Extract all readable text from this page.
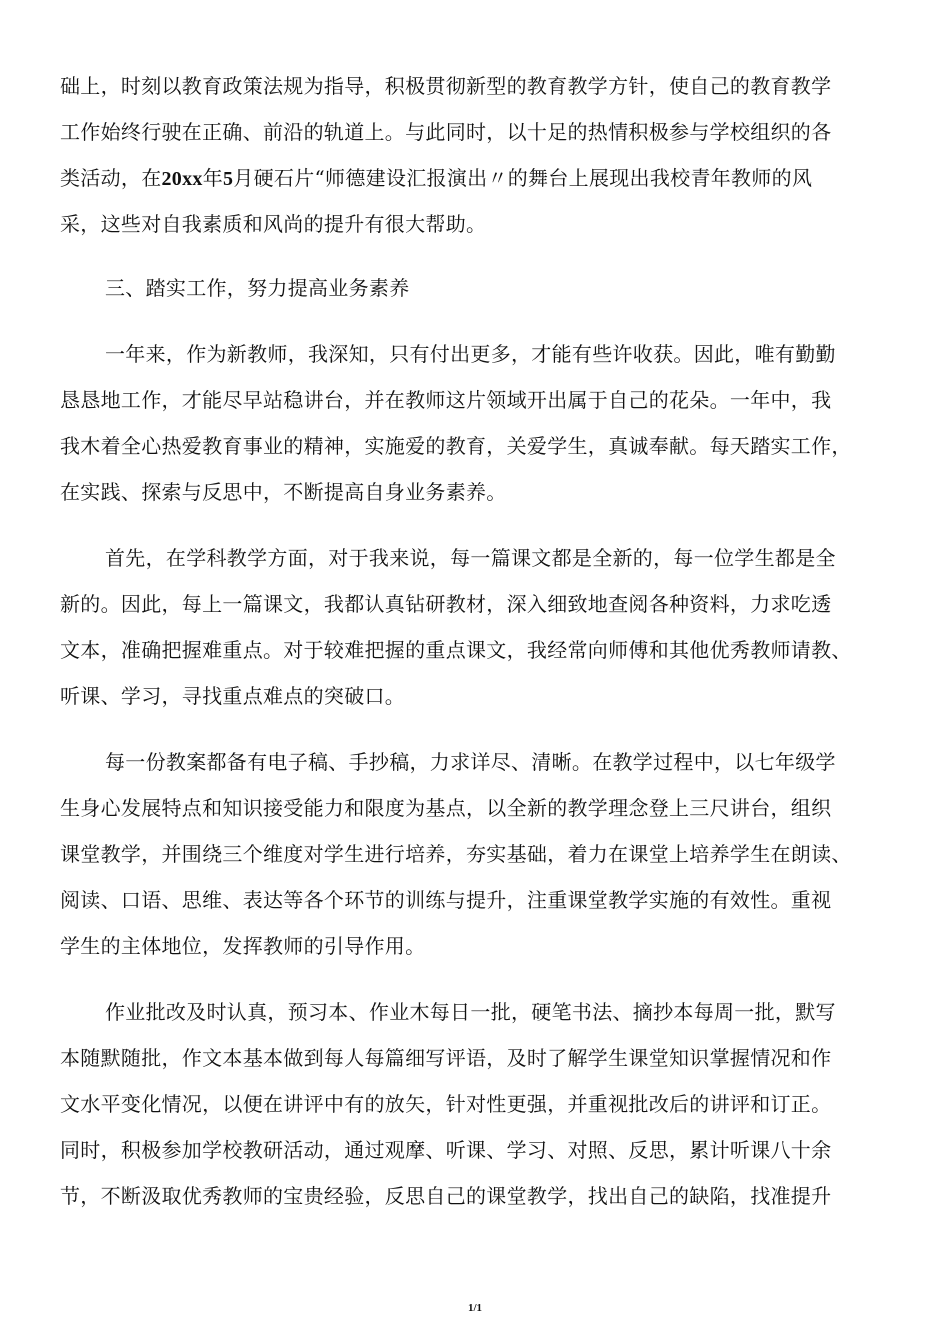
础上，时刻以教育政策法规为指导，积极贯彻新型的教育教学方针，使自己的教育教学
工作始终行驶在正确、前沿的轨道上。与此同时，以十足的热情积极参与学校组织的各
类活动，在20xx年5月硬石片“师德建设汇报演出〃的舞台上展现出我校青年教师的风
采，这些对自我素质和风尚的提升有很大帮助。
三、踏实工作，努力提高业务素养
一年来，作为新教师，我深知，只有付出更多，才能有些许收获。因此，唯有勤勤
恳恳地工作，才能尽早站稳讲台，并在教师这片领域开出属于自己的花朵。一年中，我
我木着全心热爱教育事业的精神，实施爱的教育，关爱学生，真诚奉献。每天踏实工作，
在实践、探索与反思中，不断提高自身业务素养。
首先，在学科教学方面，对于我来说，每一篇课文都是全新的，每一位学生都是全
新的。因此，每上一篇课文，我都认真钻研教材，深入细致地查阅各种资料，力求吃透
文本，准确把握难重点。对于较难把握的重点课文，我经常向师傅和其他优秀教师请教、
听课、学习，寻找重点难点的突破口。
每一份教案都备有电子稿、手抄稿，力求详尽、清晰。在教学过程中，以七年级学
生身心发展特点和知识接受能力和限度为基点，以全新的教学理念登上三尺讲台，组织
课堂教学，并围绕三个维度对学生进行培养，夯实基础，着力在课堂上培养学生在朗读、
阅读、口语、思维、表达等各个环节的训练与提升，注重课堂教学实施的有效性。重视
学生的主体地位，发挥教师的引导作用。
作业批改及时认真，预习本、作业木每日一批，硬笔书法、摘抄本每周一批，默写
本随默随批，作文本基本做到每人每篇细写评语，及时了解学生课堂知识掌握情况和作
文水平变化情况，以便在讲评中有的放矢，针对性更强，并重视批改后的讲评和订正。
同时，积极参加学校教研活动，通过观摩、听课、学习、对照、反思，累计听课八十余
节，不断汲取优秀教师的宝贵经验，反思自己的课堂教学，找出自己的缺陷，找准提升
1/1
